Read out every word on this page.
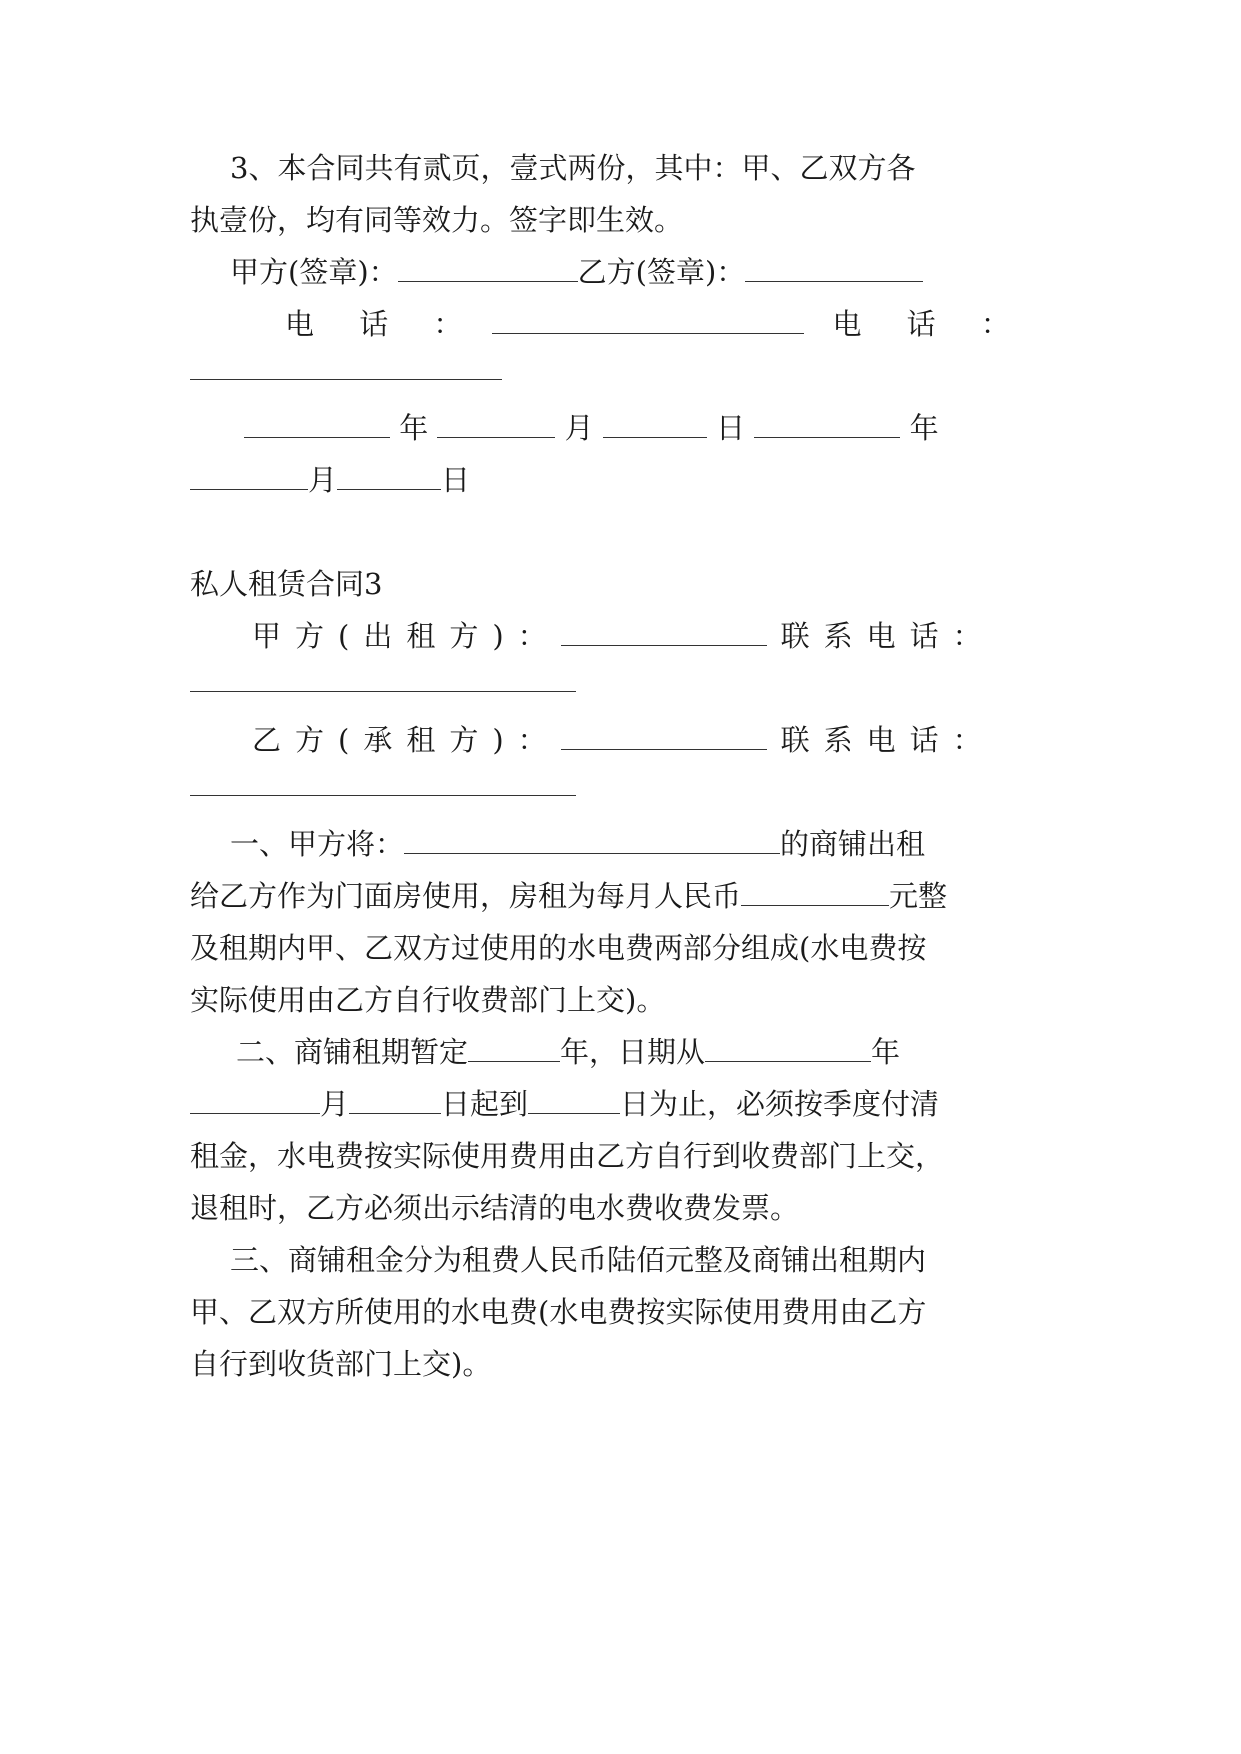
3、本合同共有贰页，壹式两份，其中：甲、乙双方各
执壹份，均有同等效力。签字即生效。
甲方(签章)：	乙方(签章)：
电 话 ：	电 话 ：
年	月	日	年
月	日
私人租赁合同3
甲方(出租方)：	联系电话：
乙方(承租方)：	联系电话：
一、甲方将：	的商铺出租
给乙方作为门面房使用，房租为每月人民币	元整
及租期内甲、乙双方过使用的水电费两部分组成(水电费按
实际使用由乙方自行收费部门上交)。
二、商铺租期暂定	年，日期从	年
月	日起到	日为止，必须按季度付清
租金，水电费按实际使用费用由乙方自行到收费部门上交，
退租时，乙方必须出示结清的电水费收费发票。
三、商铺租金分为租费人民币陆佰元整及商铺出租期内
甲、乙双方所使用的水电费(水电费按实际使用费用由乙方
自行到收货部门上交)。
